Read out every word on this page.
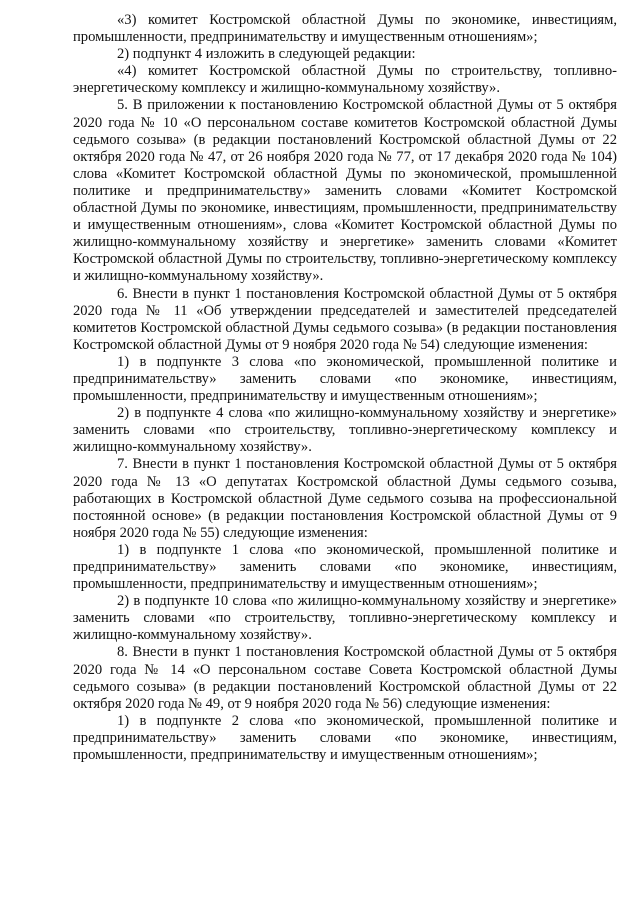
«3) комитет Костромской областной Думы по экономике, инвестициям, промышленности, предпринимательству и имущественным отношениям»;

2) подпункт 4 изложить в следующей редакции:

«4) комитет Костромской областной Думы по строительству, топливно-энергетическому комплексу и жилищно-коммунальному хозяйству».

5. В приложении к постановлению Костромской областной Думы от 5 октября 2020 года № 10 «О персональном составе комитетов Костромской областной Думы седьмого созыва» (в редакции постановлений Костромской областной Думы от 22 октября 2020 года № 47, от 26 ноября 2020 года № 77, от 17 декабря 2020 года № 104) слова «Комитет Костромской областной Думы по экономической, промышленной политике и предпринимательству» заменить словами «Комитет Костромской областной Думы по экономике, инвестициям, промышленности, предпринимательству и имущественным отношениям», слова «Комитет Костромской областной Думы по жилищно-коммунальному хозяйству и энергетике» заменить словами «Комитет Костромской областной Думы по строительству, топливно-энергетическому комплексу и жилищно-коммунальному хозяйству».

6. Внести в пункт 1 постановления Костромской областной Думы от 5 октября 2020 года № 11 «Об утверждении председателей и заместителей председателей комитетов Костромской областной Думы седьмого созыва» (в редакции постановления Костромской областной Думы от 9 ноября 2020 года № 54) следующие изменения:

1) в подпункте 3 слова «по экономической, промышленной политике и предпринимательству» заменить словами «по экономике, инвестициям, промышленности, предпринимательству и имущественным отношениям»;

2) в подпункте 4 слова «по жилищно-коммунальному хозяйству и энергетике» заменить словами «по строительству, топливно-энергетическому комплексу и жилищно-коммунальному хозяйству».

7. Внести в пункт 1 постановления Костромской областной Думы от 5 октября 2020 года № 13 «О депутатах Костромской областной Думы седьмого созыва, работающих в Костромской областной Думе седьмого созыва на профессиональной постоянной основе» (в редакции постановления Костромской областной Думы от 9 ноября 2020 года № 55) следующие изменения:

1) в подпункте 1 слова «по экономической, промышленной политике и предпринимательству» заменить словами «по экономике, инвестициям, промышленности, предпринимательству и имущественным отношениям»;

2) в подпункте 10 слова «по жилищно-коммунальному хозяйству и энергетике» заменить словами «по строительству, топливно-энергетическому комплексу и жилищно-коммунальному хозяйству».

8. Внести в пункт 1 постановления Костромской областной Думы от 5 октября 2020 года № 14 «О персональном составе Совета Костромской областной Думы седьмого созыва» (в редакции постановлений Костромской областной Думы от 22 октября 2020 года № 49, от 9 ноября 2020 года № 56) следующие изменения:

1) в подпункте 2 слова «по экономической, промышленной политике и предпринимательству» заменить словами «по экономике, инвестициям, промышленности, предпринимательству и имущественным отношениям»;
